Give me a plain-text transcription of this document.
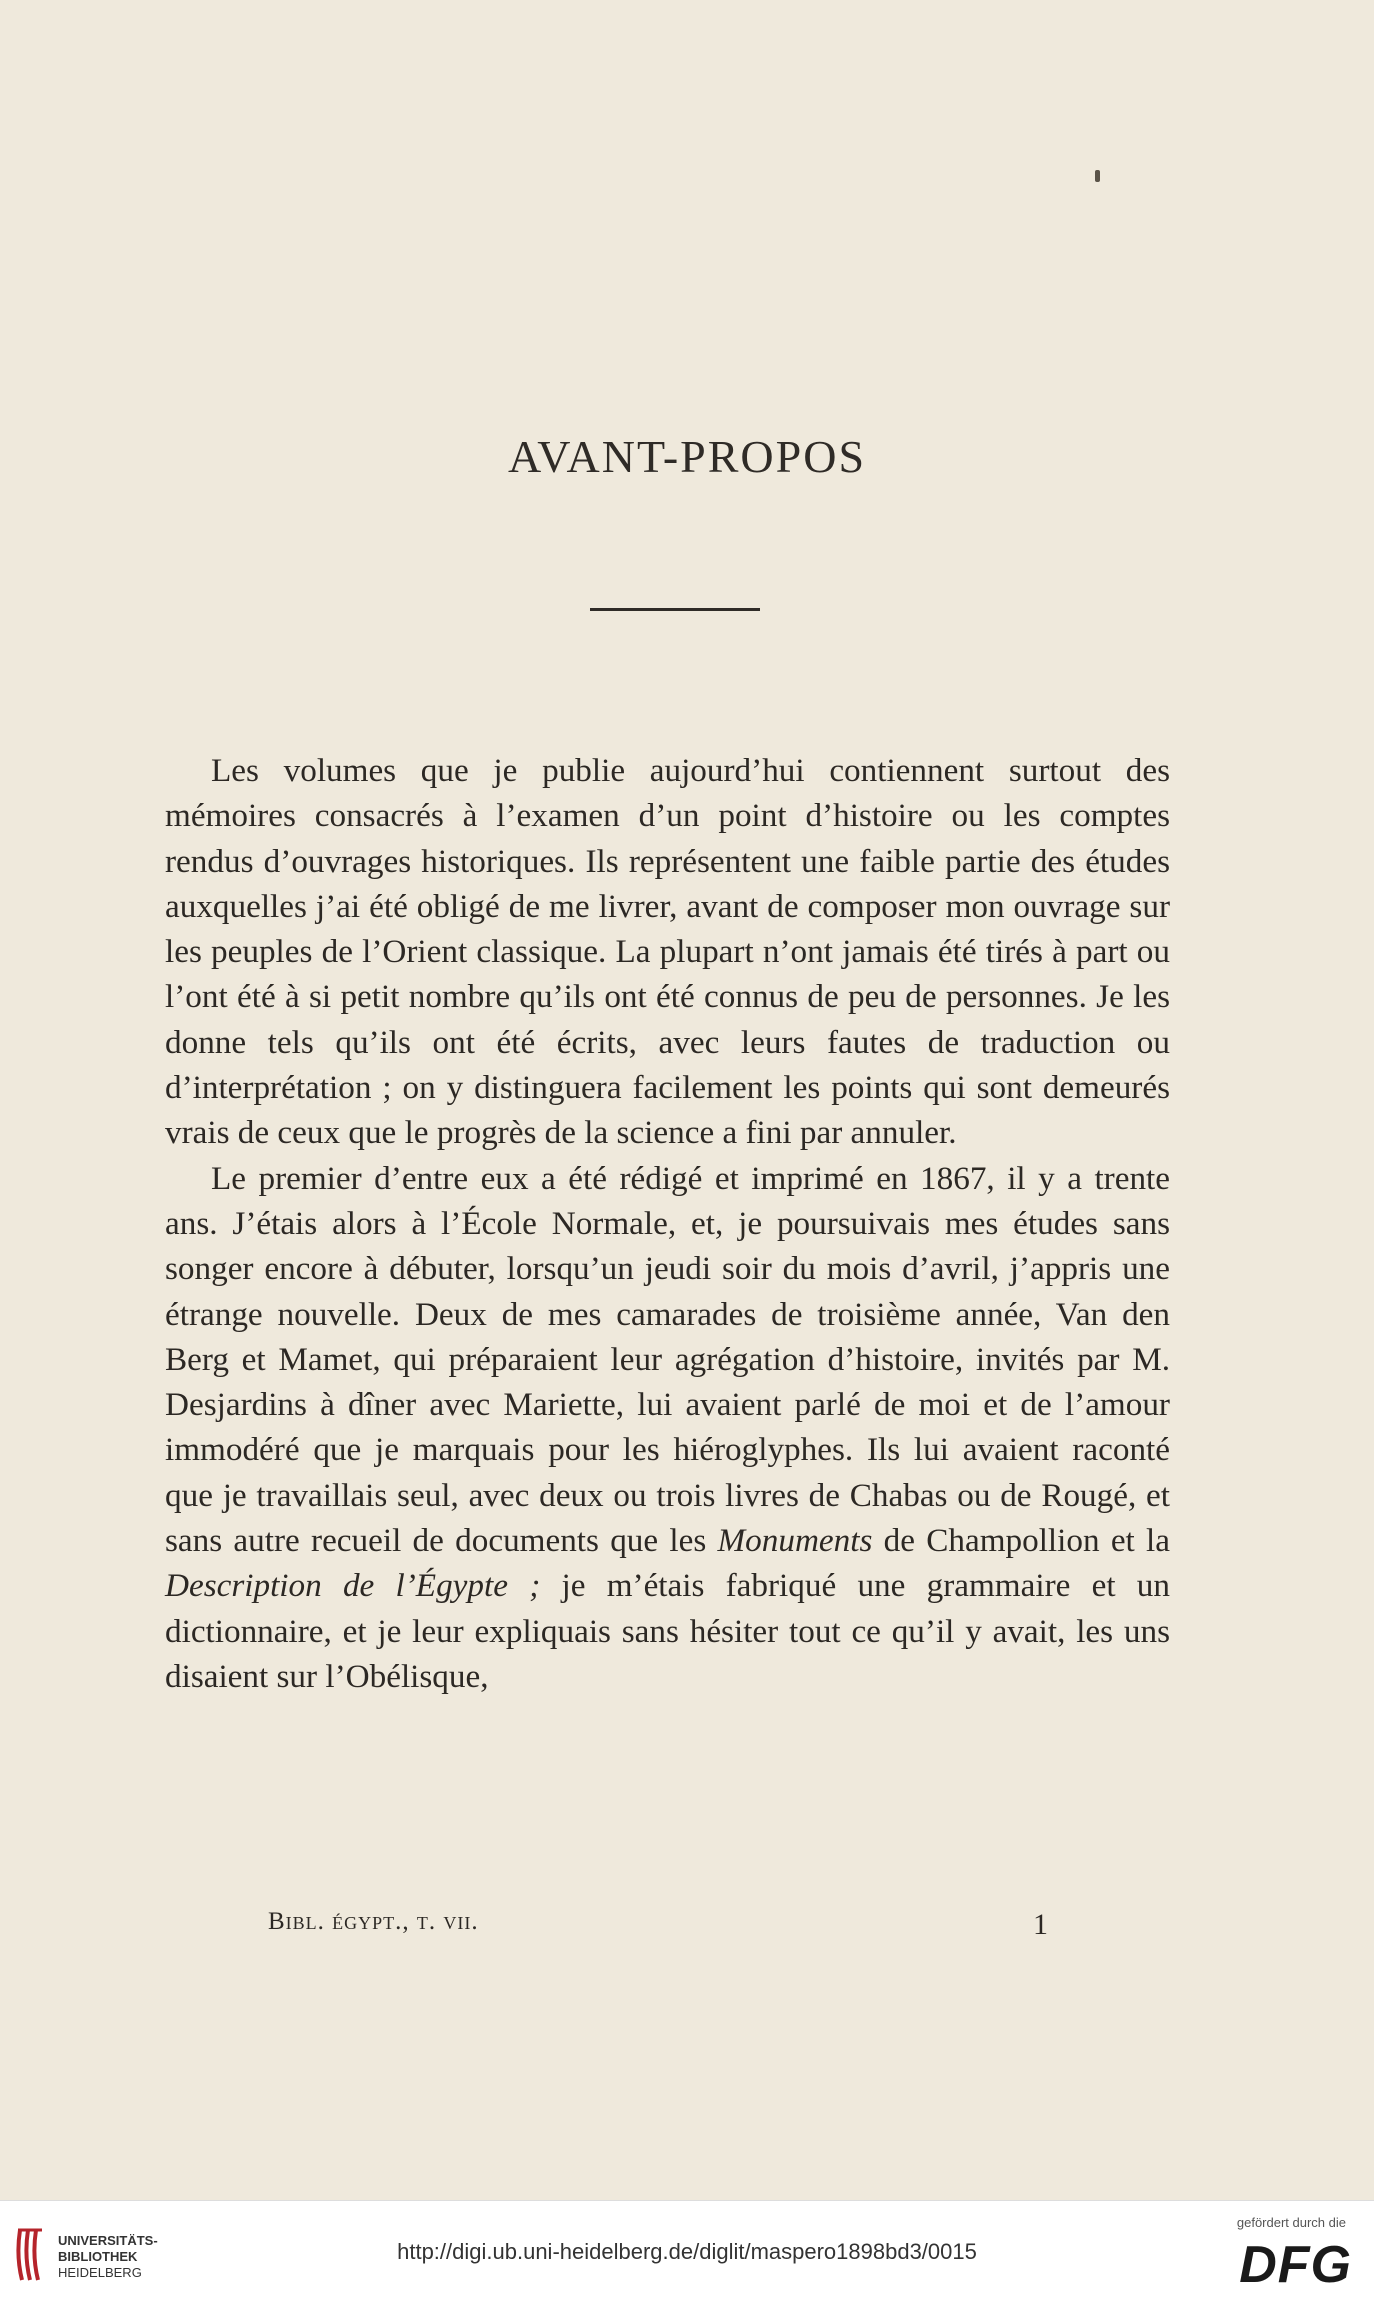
AVANT-PROPOS

Les volumes que je publie aujourd’hui contiennent surtout des mémoires consacrés à l’examen d’un point d’histoire ou les comptes rendus d’ouvrages historiques. Ils représentent une faible partie des études auxquelles j’ai été obligé de me livrer, avant de composer mon ouvrage sur les peuples de l’Orient classique. La plupart n’ont jamais été tirés à part ou l’ont été à si petit nombre qu’ils ont été connus de peu de personnes. Je les donne tels qu’ils ont été écrits, avec leurs fautes de traduction ou d’interprétation ; on y distinguera facilement les points qui sont demeurés vrais de ceux que le progrès de la science a fini par annuler.

Le premier d’entre eux a été rédigé et imprimé en 1867, il y a trente ans. J’étais alors à l’École Normale, et, je poursuivais mes études sans songer encore à débuter, lorsqu’un jeudi soir du mois d’avril, j’appris une étrange nouvelle. Deux de mes camarades de troisième année, Van den Berg et Mamet, qui préparaient leur agrégation d’histoire, invités par M. Desjardins à dîner avec Mariette, lui avaient parlé de moi et de l’amour immodéré que je marquais pour les hiéroglyphes. Ils lui avaient raconté que je travaillais seul, avec deux ou trois livres de Chabas ou de Rougé, et sans autre recueil de documents que les Monuments de Champollion et la Description de l’Égypte ; je m’étais fabriqué une grammaire et un dictionnaire, et je leur expliquais sans hésiter tout ce qu’il y avait, les uns disaient sur l’Obélisque,

Bibl. égypt., t. vii.	1
UNIVERSITÄTS-
BIBLIOTHEK
HEIDELBERG
http://digi.ub.uni-heidelberg.de/diglit/maspero1898bd3/0015
gefördert durch die
DFG
